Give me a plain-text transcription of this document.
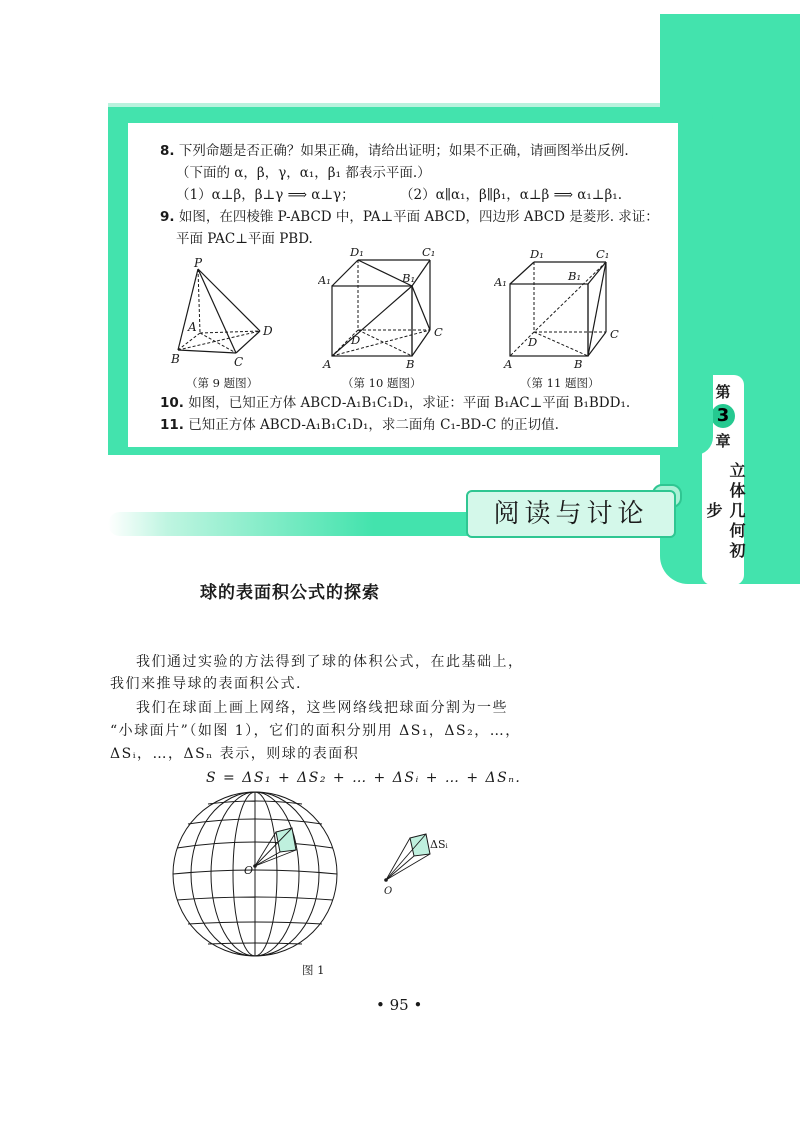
第
3
章
立体几何初步
8. 下列命题是否正确？如果正确，请给出证明；如果不正确，请画图举出反例.
（下面的 α，β，γ，α₁，β₁ 都表示平面.）
（1）α⊥β，β⊥γ ⟹ α⊥γ；	（2）α∥α₁，β∥β₁，α⊥β ⟹ α₁⊥β₁.
9. 如图，在四棱锥 P-ABCD 中，PA⊥平面 ABCD，四边形 ABCD 是菱形. 求证：
平面 PAC⊥平面 PBD.
P
A
B	C
D
（第 9 题图）
D₁	C₁
A₁	B₁
D
C
A	B
（第 10 题图）
D₁	C₁
A₁	B₁
D
C
A	B
（第 11 题图）
10. 如图，已知正方体 ABCD-A₁B₁C₁D₁，求证：平面 B₁AC⊥平面 B₁BDD₁.
11. 已知正方体 ABCD-A₁B₁C₁D₁，求二面角 C₁-BD-C 的正切值.
阅读与讨论
球的表面积公式的探索
我们通过实验的方法得到了球的体积公式，在此基础上，
我们来推导球的表面积公式.
我们在球面上画上网络，这些网络线把球面分割为一些
“小球面片”（如图 1），它们的面积分别用 ΔS₁，ΔS₂，…，
ΔSᵢ，…，ΔSₙ 表示，则球的表面积
S = ΔS₁ + ΔS₂ + … + ΔSᵢ + … + ΔSₙ.
O
ΔSᵢ
O
图 1
• 95 •
